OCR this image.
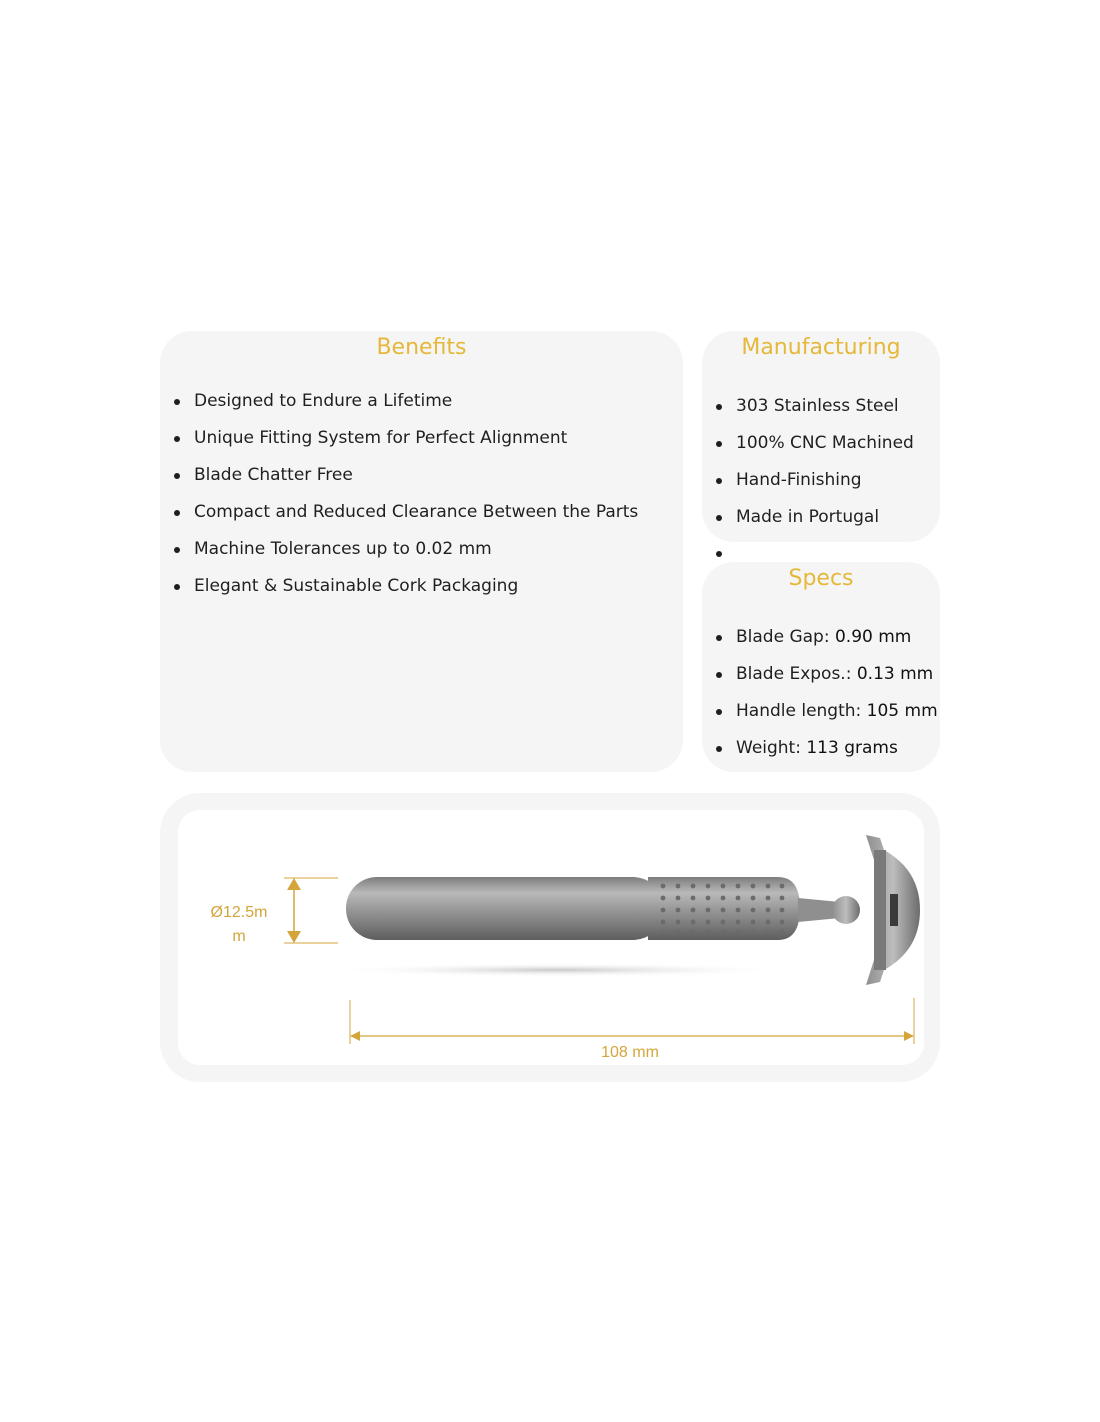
Benefits
Designed to Endure a Lifetime
Unique Fitting System for Perfect Alignment
Blade Chatter Free
Compact and Reduced Clearance Between the Parts
Machine Tolerances up to 0.02 mm
Elegant & Sustainable Cork Packaging
Manufacturing
303 Stainless Steel
100% CNC Machined
Hand-Finishing
Made in Portugal
Specs
Blade Gap: 0.90 mm
Blade Expos.: 0.13 mm
Handle length: 105 mm
Weight: 113 grams
Ø12.5m m
108 mm
